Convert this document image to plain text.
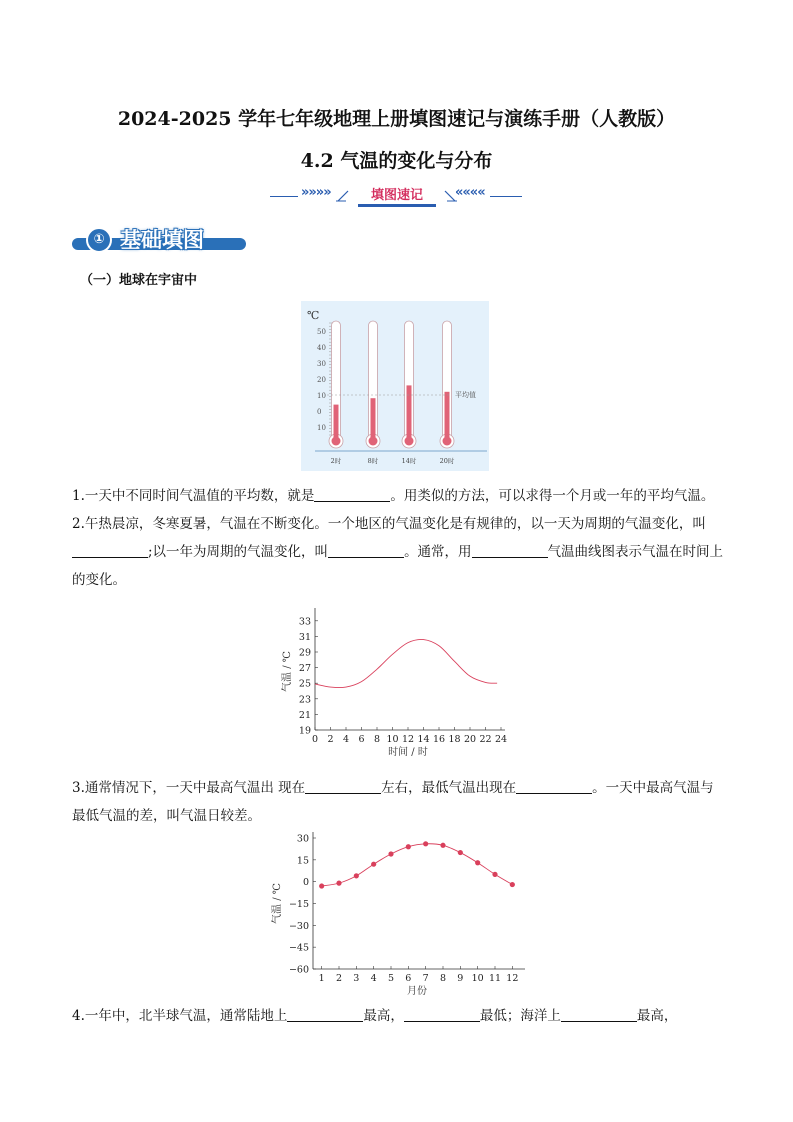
2024-2025 学年七年级地理上册填图速记与演练手册（人教版）
4.2 气温的变化与分布
»»»»	填图速记	««««
① 基础填图
（一）地球在宇宙中
℃
50
40
30
20
10
0
10
2时	8时	14时	20时
平均值
1.一天中不同时间气温值的平均数，就是	。用类似的方法，可以求得一个月或一年的平均气温。
2.午热晨凉，冬寒夏暑，气温在不断变化。一个地区的气温变化是有规律的，以一天为周期的气温变化，叫
;以一年为周期的气温变化，叫	。通常，用	气温曲线图表示气温在时间上的变化。
19
21
23
25
27
29
31
33
0 2 4 6 8 10 12 14 16 18 20 22 24
气温 / ℃
时间 / 时
3.通常情况下，一天中最高气温出 现在	左右，最低气温出现在	。一天中最高气温与最低气温的差，叫气温日较差。
30
15
0
−15
−30
−45
−60
1 2 3 4 5 6 7 8 9 10 11 12
气温 / ℃
月份
4.一年中，北半球气温，通常陆地上	最高，	最低；海洋上	最高，
